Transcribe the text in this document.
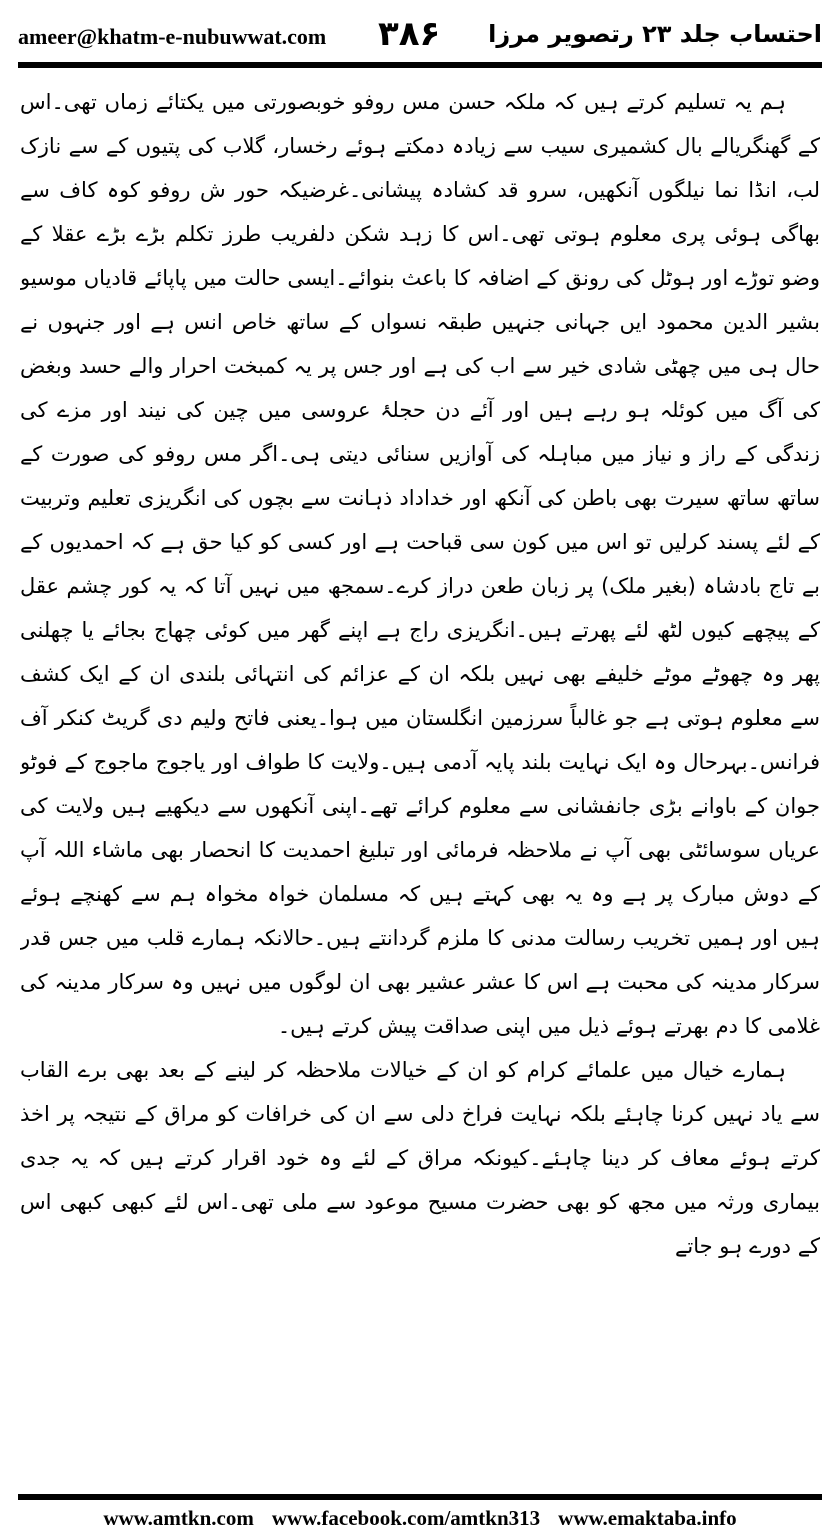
ameer@khatm-e-nubuwwat.com ۳۸۶ احتساب جلد ۲۳ رتصویر مرزا

ہم یہ تسلیم کرتے ہیں کہ ملکہ حسن مس روفو خوبصورتی میں یکتائے زماں تھی۔اس کے گھنگریالے بال کشمیری سیب سے زیادہ دمکتے ہوئے رخسار، گلاب کی پتیوں کے سے نازک لب، انڈا نما نیلگوں آنکھیں، سرو قد کشادہ پیشانی۔غرضیکہ حور ش روفو کوہ کاف سے بھاگی ہوئی پری معلوم ہوتی تھی۔اس کا زہد شکن دلفریب طرز تکلم بڑے بڑے عقلا کے وضو توڑے اور ہوٹل کی رونق کے اضافہ کا باعث بنوائے۔ایسی حالت میں پاپائے قادیاں موسیو بشیر الدین محمود ایں جہانی جنہیں طبقہ نسواں کے ساتھ خاص انس ہے اور جنہوں نے حال ہی میں چھٹی شادی خیر سے اب کی ہے اور جس پر یہ کمبخت احرار والے حسد وبغض کی آگ میں کوئلہ ہو رہے ہیں اور آئے دن حجلۂ عروسی میں چین کی نیند اور مزے کی زندگی کے راز و نیاز میں مباہلہ کی آوازیں سنائی دیتی ہی۔اگر مس روفو کی صورت کے ساتھ ساتھ سیرت بھی باطن کی آنکھ اور خداداد ذہانت سے بچوں کی انگریزی تعلیم وتربیت کے لئے پسند کرلیں تو اس میں کون سی قباحت ہے اور کسی کو کیا حق ہے کہ احمدیوں کے بے تاج بادشاہ (بغیر ملک) پر زبان طعن دراز کرے۔سمجھ میں نہیں آتا کہ یہ کور چشم عقل کے پیچھے کیوں لٹھ لئے پھرتے ہیں۔انگریزی راج ہے اپنے گھر میں کوئی چھاج بجائے یا چھلنی پھر وہ چھوٹے موٹے خلیفے بھی نہیں بلکہ ان کے عزائم کی انتہائی بلندی ان کے ایک کشف سے معلوم ہوتی ہے جو غالباً سرزمین انگلستان میں ہوا۔یعنی فاتح ولیم دی گریٹ کنکر آف فرانس۔بہرحال وہ ایک نہایت بلند پایہ آدمی ہیں۔ولایت کا طواف اور یاجوج ماجوج کے فوٹو جوان کے باوانے بڑی جانفشانی سے معلوم کرائے تھے۔اپنی آنکھوں سے دیکھیے ہیں ولایت کی عریاں سوسائٹی بھی آپ نے ملاحظہ فرمائی اور تبلیغ احمدیت کا انحصار بھی ماشاء اللہ آپ کے دوش مبارک پر ہے وہ یہ بھی کہتے ہیں کہ مسلمان خواہ مخواہ ہم سے کھنچے ہوئے ہیں اور ہمیں تخریب رسالت مدنی کا ملزم گردانتے ہیں۔حالانکہ ہمارے قلب میں جس قدر سرکار مدینہ کی محبت ہے اس کا عشر عشیر بھی ان لوگوں میں نہیں وہ سرکار مدینہ کی غلامی کا دم بھرتے ہوئے ذیل میں اپنی صداقت پیش کرتے ہیں۔

ہمارے خیال میں علمائے کرام کو ان کے خیالات ملاحظہ کر لینے کے بعد بھی برے القاب سے یاد نہیں کرنا چاہئے بلکہ نہایت فراخ دلی سے ان کی خرافات کو مراق کے نتیجہ پر اخذ کرتے ہوئے معاف کر دینا چاہئے۔کیونکہ مراق کے لئے وہ خود اقرار کرتے ہیں کہ یہ جدی بیماری ورثہ میں مجھ کو بھی حضرت مسیح موعود سے ملی تھی۔اس لئے کبھی کبھی اس کے دورے ہو جاتے

www.amtkn.com www.facebook.com/amtkn313 www.emaktaba.info
